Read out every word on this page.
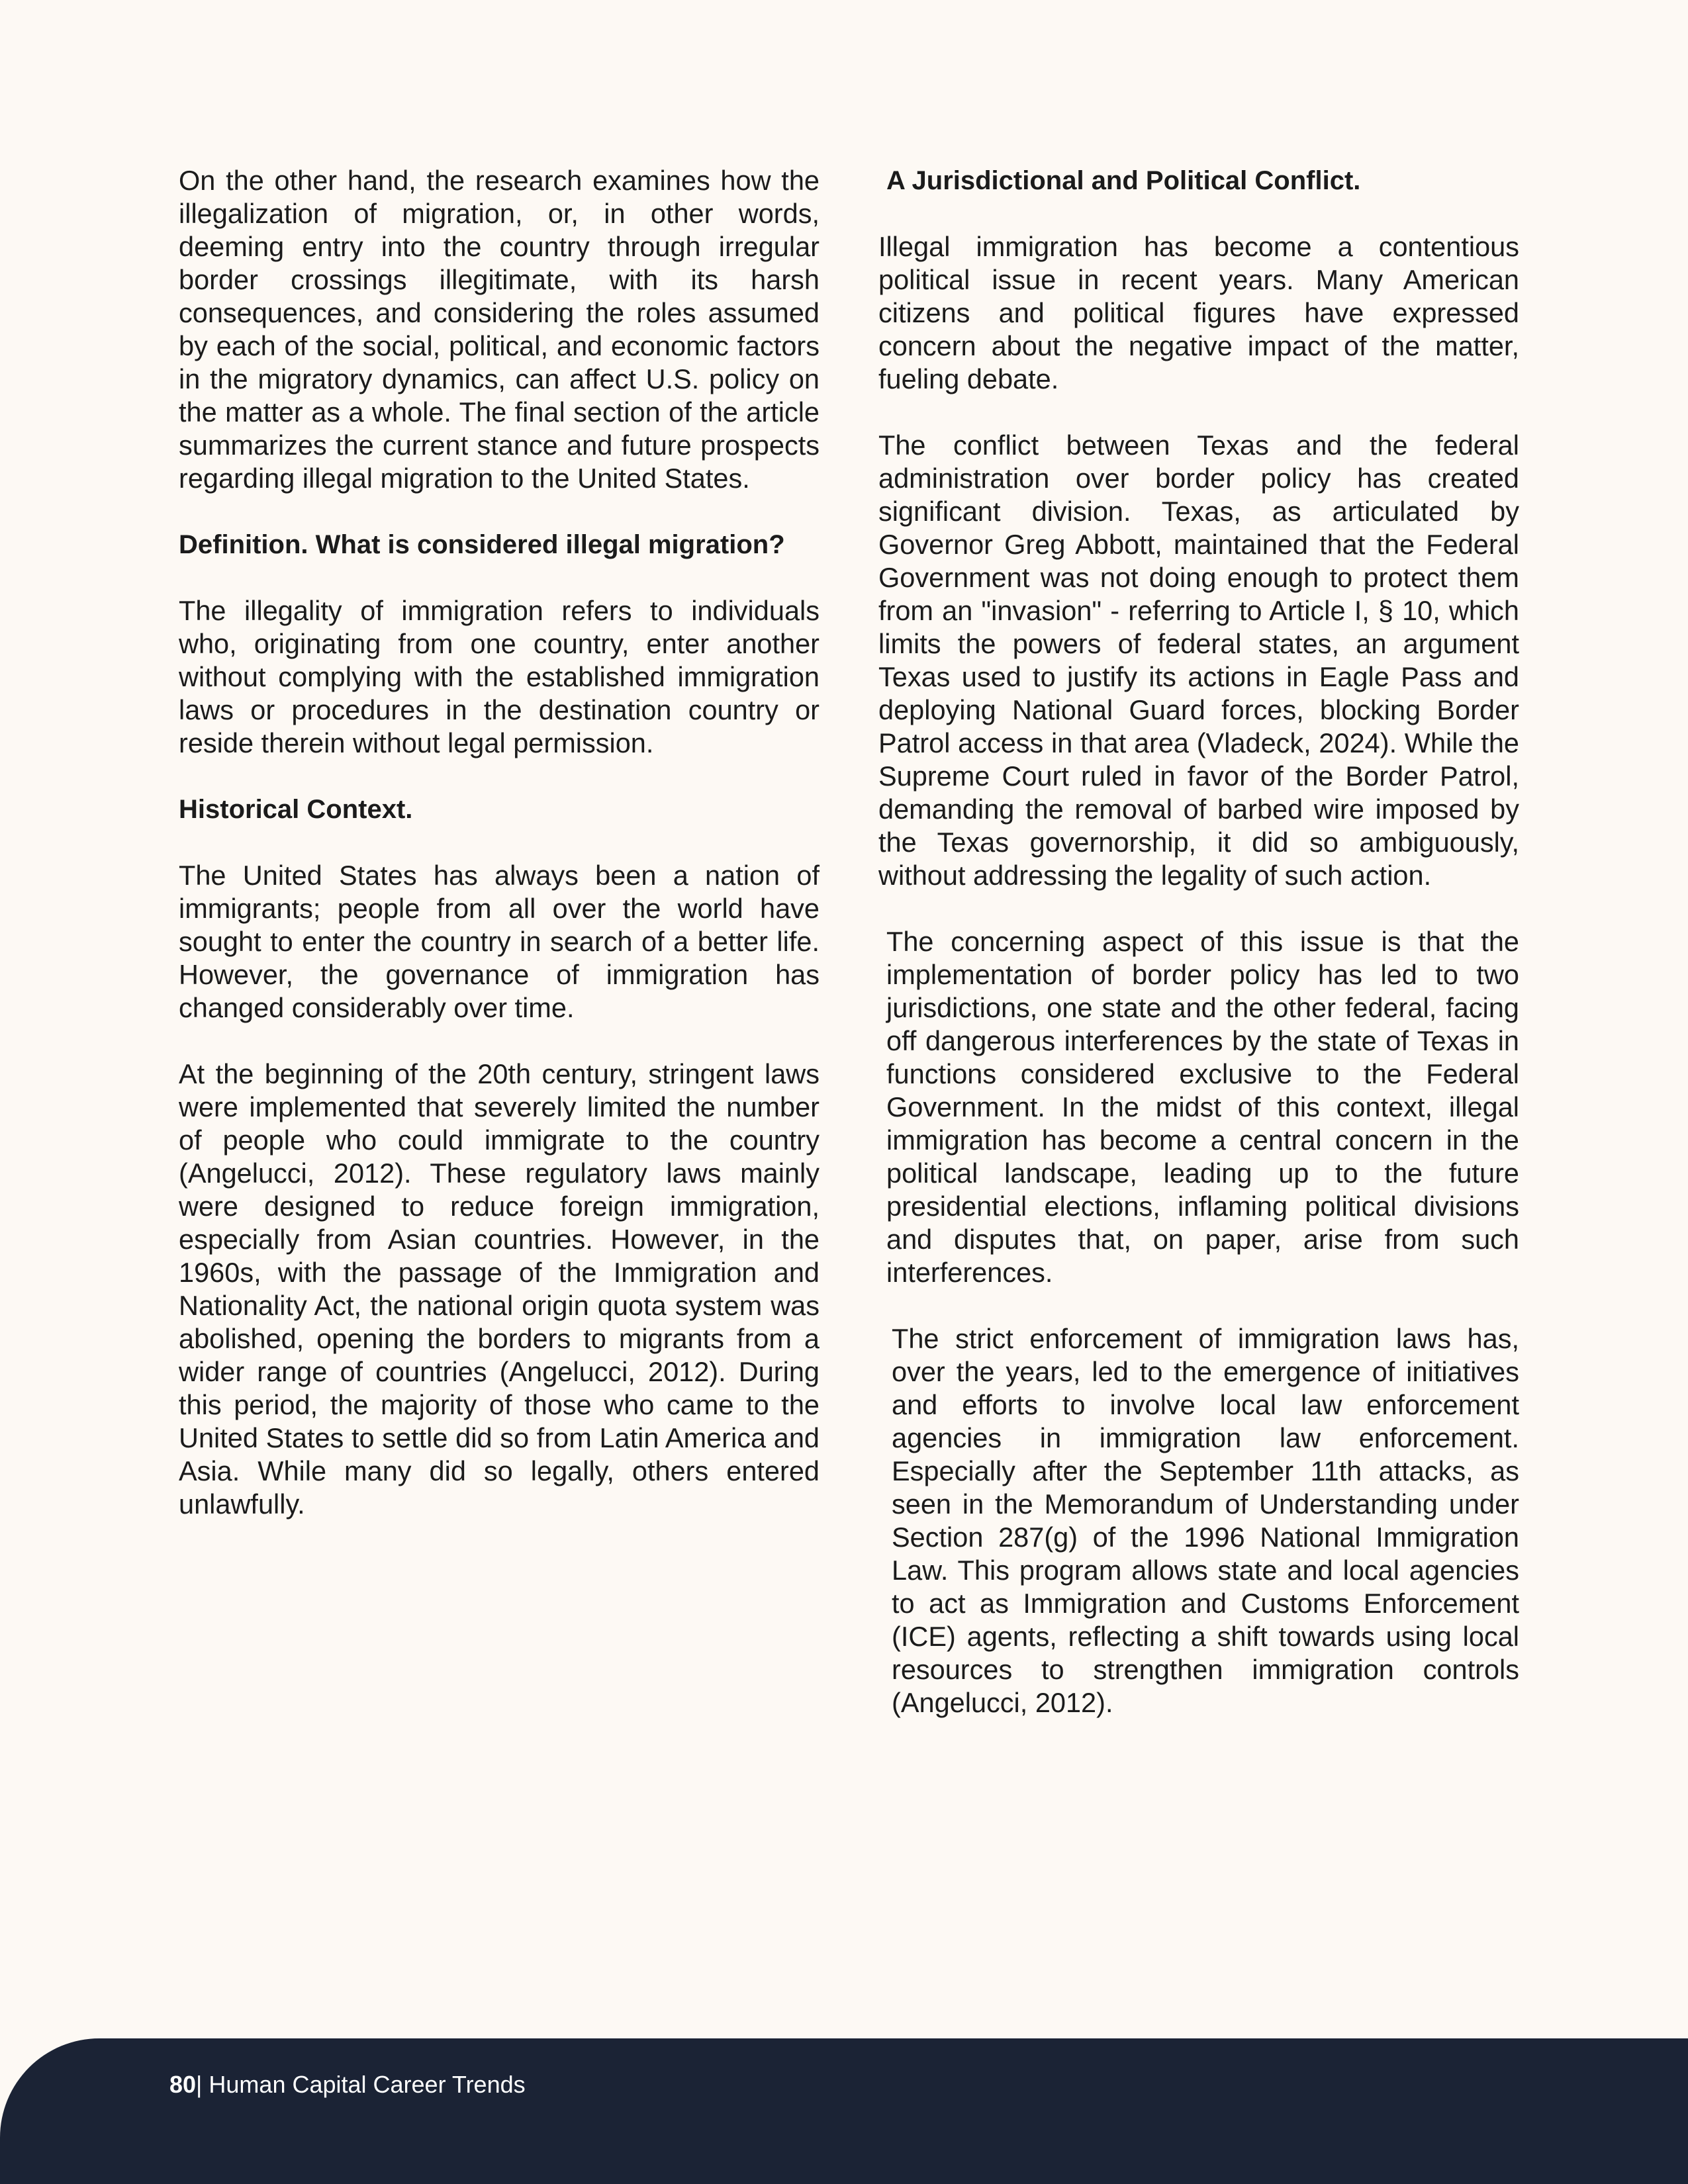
On the other hand, the research examines how the illegalization of migration, or, in other words, deeming entry into the country through irregular border crossings illegitimate, with its harsh consequences, and considering the roles assumed by each of the social, political, and economic factors in the migratory dynamics, can affect U.S. policy on the matter as a whole. The final section of the article summarizes the current stance and future prospects regarding illegal migration to the United States.

Definition. What is considered illegal migration?

The illegality of immigration refers to individuals who, originating from one country, enter another without complying with the established immigration laws or procedures in the destination country or reside therein without legal permission.

Historical Context.

The United States has always been a nation of immigrants; people from all over the world have sought to enter the country in search of a better life. However, the governance of immigration has changed considerably over time.

At the beginning of the 20th century, stringent laws were implemented that severely limited the number of people who could immigrate to the country (Angelucci, 2012). These regulatory laws mainly were designed to reduce foreign immigration, especially from Asian countries. However, in the 1960s, with the passage of the Immigration and Nationality Act, the national origin quota system was abolished, opening the borders to migrants from a wider range of countries (Angelucci, 2012). During this period, the majority of those who came to the United States to settle did so from Latin America and Asia. While many did so legally, others entered unlawfully.

A Jurisdictional and Political Conflict.

Illegal immigration has become a contentious political issue in recent years. Many American citizens and political figures have expressed concern about the negative impact of the matter, fueling debate.

The conflict between Texas and the federal administration over border policy has created significant division. Texas, as articulated by Governor Greg Abbott, maintained that the Federal Government was not doing enough to protect them from an "invasion" - referring to Article I, § 10, which limits the powers of federal states, an argument Texas used to justify its actions in Eagle Pass and deploying National Guard forces, blocking Border Patrol access in that area (Vladeck, 2024). While the Supreme Court ruled in favor of the Border Patrol, demanding the removal of barbed wire imposed by the Texas governorship, it did so ambiguously, without addressing the legality of such action.

The concerning aspect of this issue is that the implementation of border policy has led to two jurisdictions, one state and the other federal, facing off dangerous interferences by the state of Texas in functions considered exclusive to the Federal Government. In the midst of this context, illegal immigration has become a central concern in the political landscape, leading up to the future presidential elections, inflaming political divisions and disputes that, on paper, arise from such interferences.

The strict enforcement of immigration laws has, over the years, led to the emergence of initiatives and efforts to involve local law enforcement agencies in immigration law enforcement. Especially after the September 11th attacks, as seen in the Memorandum of Understanding under Section 287(g) of the 1996 National Immigration Law. This program allows state and local agencies to act as Immigration and Customs Enforcement (ICE) agents, reflecting a shift towards using local resources to strengthen immigration controls (Angelucci, 2012).

80| Human Capital Career Trends
